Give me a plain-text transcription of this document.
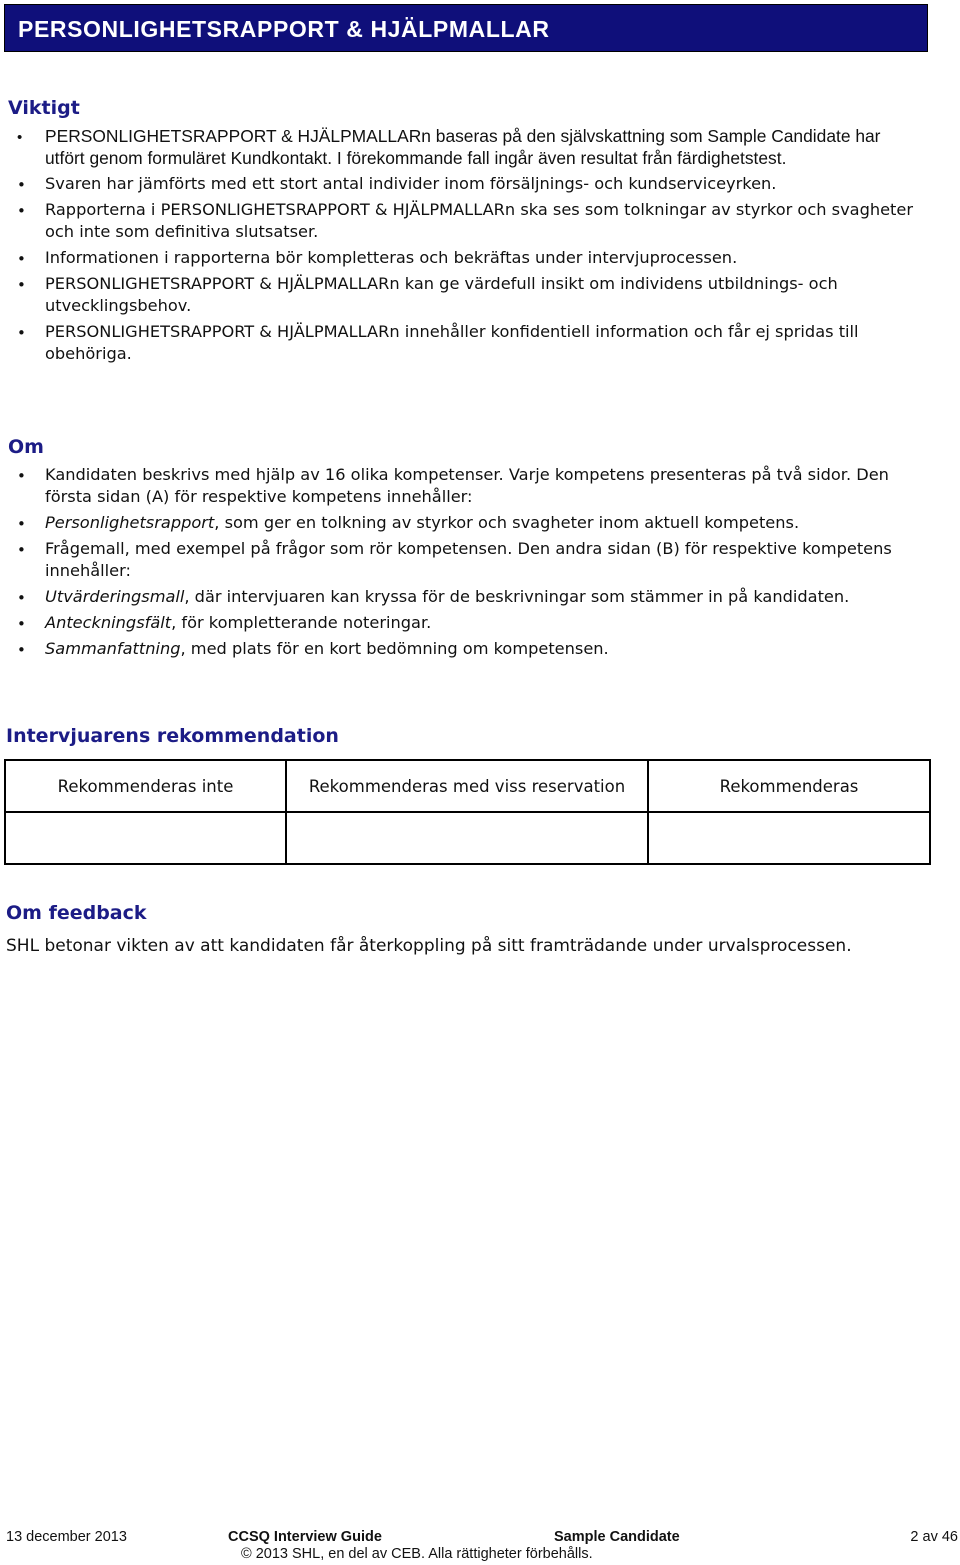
PERSONLIGHETSRAPPORT & HJÄLPMALLAR
Viktigt
• PERSONLIGHETSRAPPORT & HJÄLPMALLARn baseras på den självskattning som Sample Candidate har utfört genom formuläret Kundkontakt. I förekommande fall ingår även resultat från färdighetstest.
• Svaren har jämförts med ett stort antal individer inom försäljnings- och kundserviceyrken.
• Rapporterna i PERSONLIGHETSRAPPORT & HJÄLPMALLARn ska ses som tolkningar av styrkor och svagheter och inte som definitiva slutsatser.
• Informationen i rapporterna bör kompletteras och bekräftas under intervjuprocessen.
• PERSONLIGHETSRAPPORT & HJÄLPMALLARn kan ge värdefull insikt om individens utbildnings- och utvecklingsbehov.
• PERSONLIGHETSRAPPORT & HJÄLPMALLARn innehåller konfidentiell information och får ej spridas till obehöriga.
Om
• Kandidaten beskrivs med hjälp av 16 olika kompetenser. Varje kompetens presenteras på två sidor. Den första sidan (A) för respektive kompetens innehåller:
• Personlighetsrapport, som ger en tolkning av styrkor och svagheter inom aktuell kompetens.
• Frågemall, med exempel på frågor som rör kompetensen. Den andra sidan (B) för respektive kompetens innehåller:
• Utvärderingsmall, där intervjuaren kan kryssa för de beskrivningar som stämmer in på kandidaten.
• Anteckningsfält, för kompletterande noteringar.
• Sammanfattning, med plats för en kort bedömning om kompetensen.
Intervjuarens rekommendation
Rekommenderas inte	Rekommenderas med viss reservation	Rekommenderas

Om feedback

SHL betonar vikten av att kandidaten får återkoppling på sitt framträdande under urvalsprocessen.

13 december 2013	CCSQ Interview Guide	Sample Candidate	2 av 46
© 2013 SHL, en del av CEB. Alla rättigheter förbehålls.
